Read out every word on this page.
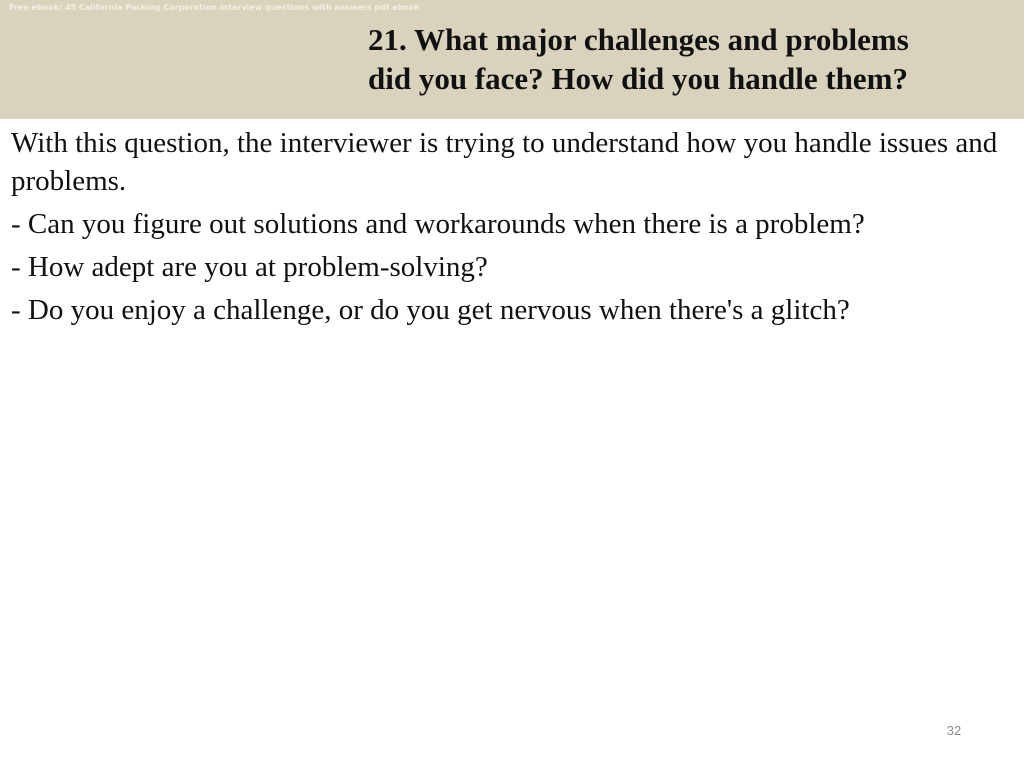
Free ebook: 45 California Packing Corporation interview questions with answers pdf ebook
21. What major challenges and problems
did you face? How did you handle them?

With this question, the interviewer is trying to understand how you handle issues and problems.

- Can you figure out solutions and workarounds when there is a problem?

- How adept are you at problem-solving?

- Do you enjoy a challenge, or do you get nervous when there's a glitch?

32
